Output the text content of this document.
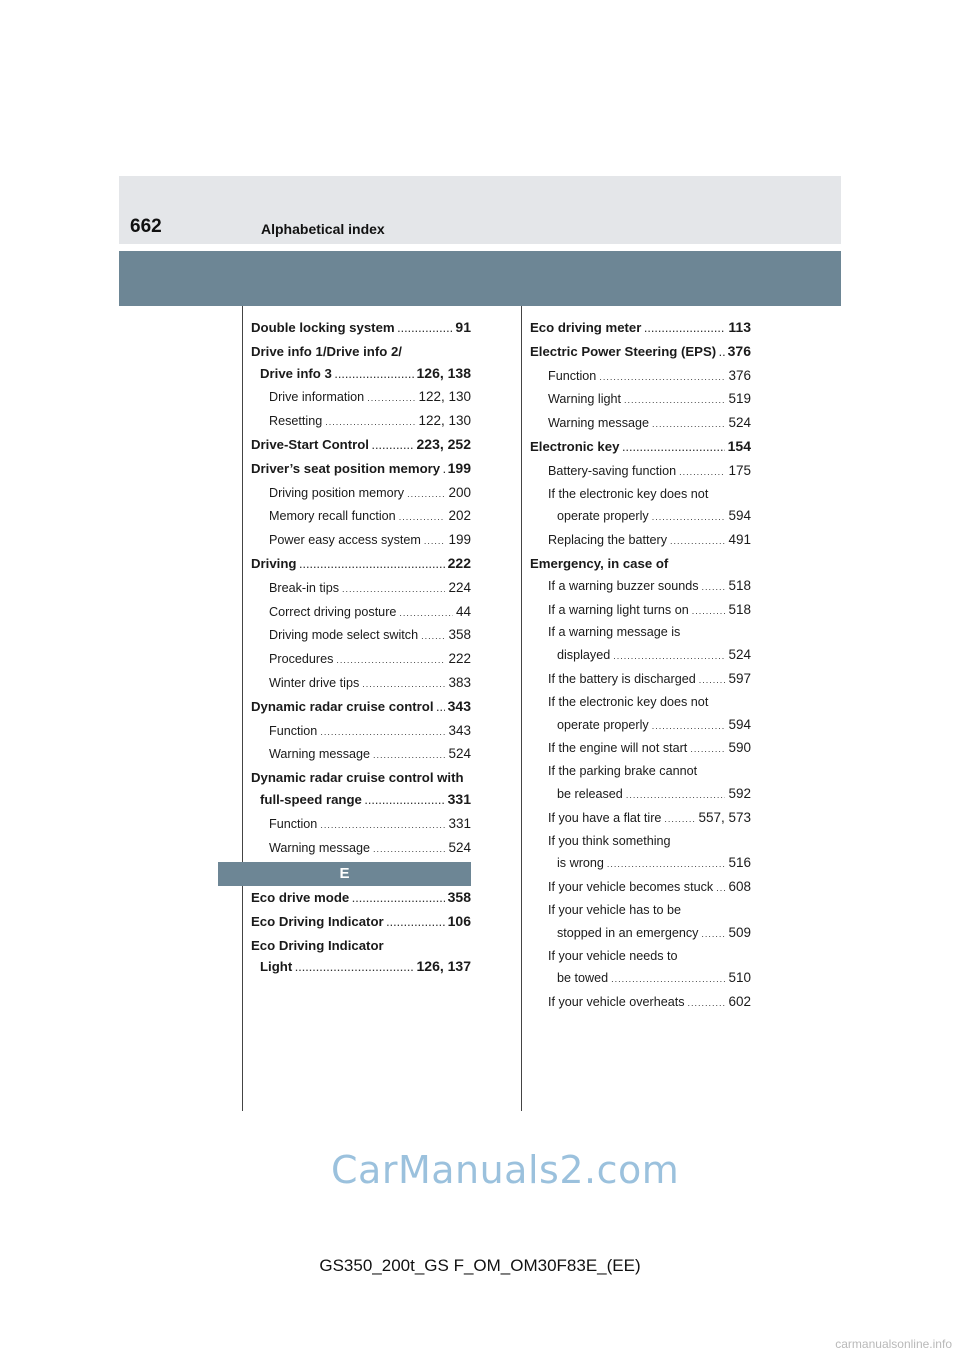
662	Alphabetical index
Double locking system .....	91
Drive info 1/Drive info 2/
Drive info 3 .....	126, 138
Drive information .....	122, 130
Resetting .....	122, 130
Drive-Start Control .....	223, 252
Driver’s seat position memory ..... 199
Driving position memory .....	200
Memory recall function .....	202
Power easy access system ..... 199
Driving .....	222
Break-in tips .....	224
Correct driving posture .....	44
Driving mode select switch ..... 358
Procedures .....	222
Winter drive tips .....	383
Dynamic radar cruise control ..... 343
Function .....	343
Warning message .....	524
Dynamic radar cruise control with
full-speed range .....	331
Function .....	331
Warning message .....	524
E
Eco drive mode .....	358
Eco Driving Indicator .....	106
Eco Driving Indicator
Light .....	126, 137
Eco driving meter .....	113
Electric Power Steering (EPS) ..... 376
Function .....	376
Warning light .....	519
Warning message .....	524
Electronic key .....	154
Battery-saving function .....	175
If the electronic key does not
operate properly .....	594
Replacing the battery .....	491
Emergency, in case of
If a warning buzzer sounds ..... 518
If a warning light turns on .....	518
If a warning message is
displayed .....	524
If the battery is discharged ..... 597
If the electronic key does not
operate properly .....	594
If the engine will not start .....	590
If the parking brake cannot
be released .....	592
If you have a flat tire .....	557, 573
If you think something
is wrong .....	516
If your vehicle becomes stuck ..... 608
If your vehicle has to be
stopped in an emergency ..... 509
If your vehicle needs to
be towed .....	510
If your vehicle overheats .....	602
CarManuals2.com
GS350_200t_GS F_OM_OM30F83E_(EE)
carmanualsonline.info
